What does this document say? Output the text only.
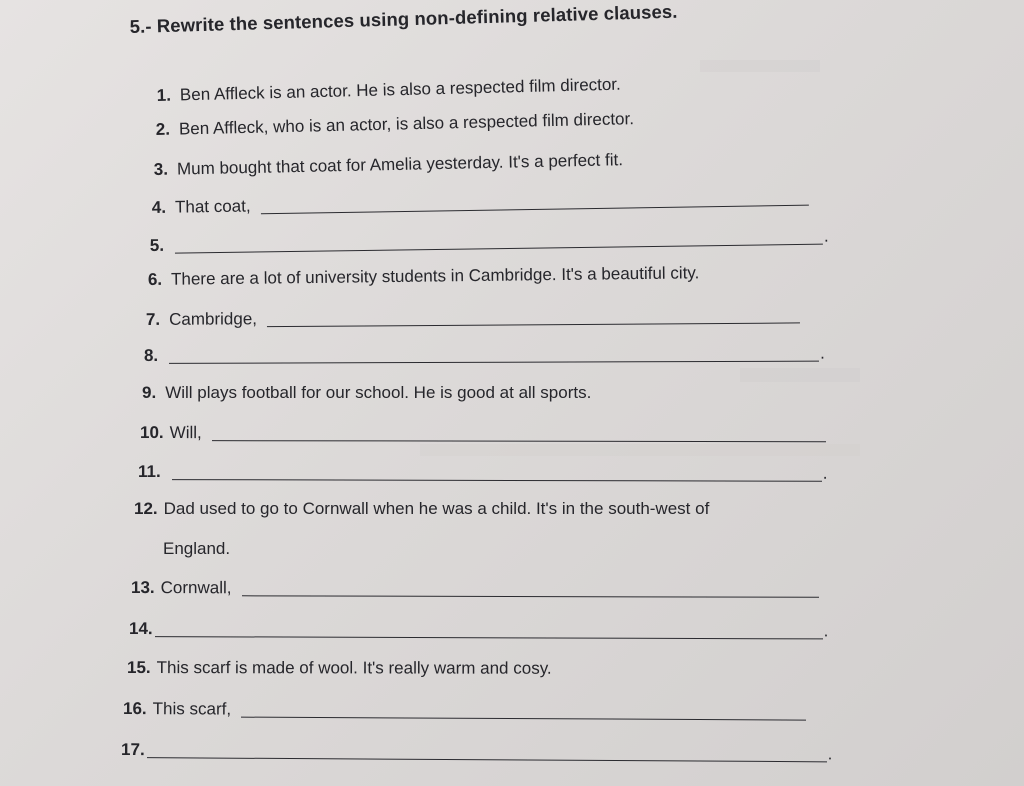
5.- Rewrite the sentences using non-defining relative clauses.
1. Ben Affleck is an actor. He is also a respected film director.
2. Ben Affleck, who is an actor, is also a respected film director.
3. Mum bought that coat for Amelia yesterday. It's a perfect fit.
4. That coat,
5.	.
6. There are a lot of university students in Cambridge. It's a beautiful city.
7. Cambridge,
8.	.
9. Will plays football for our school. He is good at all sports.
10. Will,
11.	.
12. Dad used to go to Cornwall when he was a child. It's in the south-west of
England.
13. Cornwall,
14.	.
15. This scarf is made of wool. It's really warm and cosy.
16. This scarf,
17.	.
